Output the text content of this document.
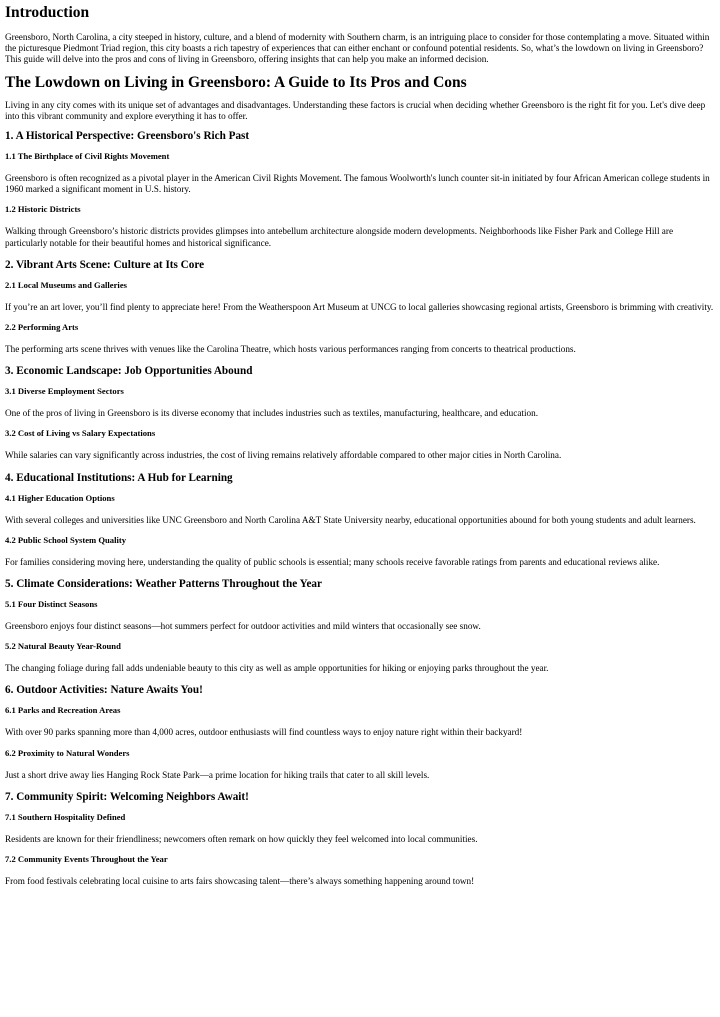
Introduction

Greensboro, North Carolina, a city steeped in history, culture, and a blend of modernity with Southern charm, is an intriguing place to consider for those contemplating a move. Situated within the picturesque Piedmont Triad region, this city boasts a rich tapestry of experiences that can either enchant or confound potential residents. So, what’s the lowdown on living in Greensboro? This guide will delve into the pros and cons of living in Greensboro, offering insights that can help you make an informed decision.

The Lowdown on Living in Greensboro: A Guide to Its Pros and Cons

Living in any city comes with its unique set of advantages and disadvantages. Understanding these factors is crucial when deciding whether Greensboro is the right fit for you. Let's dive deep into this vibrant community and explore everything it has to offer.

1. A Historical Perspective: Greensboro's Rich Past
1.1 The Birthplace of Civil Rights Movement

Greensboro is often recognized as a pivotal player in the American Civil Rights Movement. The famous Woolworth's lunch counter sit-in initiated by four African American college students in 1960 marked a significant moment in U.S. history.

1.2 Historic Districts

Walking through Greensboro’s historic districts provides glimpses into antebellum architecture alongside modern developments. Neighborhoods like Fisher Park and College Hill are particularly notable for their beautiful homes and historical significance.

2. Vibrant Arts Scene: Culture at Its Core
2.1 Local Museums and Galleries

If you’re an art lover, you’ll find plenty to appreciate here! From the Weatherspoon Art Museum at UNCG to local galleries showcasing regional artists, Greensboro is brimming with creativity.

2.2 Performing Arts

The performing arts scene thrives with venues like the Carolina Theatre, which hosts various performances ranging from concerts to theatrical productions.

3. Economic Landscape: Job Opportunities Abound
3.1 Diverse Employment Sectors

One of the pros of living in Greensboro is its diverse economy that includes industries such as textiles, manufacturing, healthcare, and education.

3.2 Cost of Living vs Salary Expectations

While salaries can vary significantly across industries, the cost of living remains relatively affordable compared to other major cities in North Carolina.

4. Educational Institutions: A Hub for Learning
4.1 Higher Education Options

With several colleges and universities like UNC Greensboro and North Carolina A&T State University nearby, educational opportunities abound for both young students and adult learners.

4.2 Public School System Quality

For families considering moving here, understanding the quality of public schools is essential; many schools receive favorable ratings from parents and educational reviews alike.

5. Climate Considerations: Weather Patterns Throughout the Year
5.1 Four Distinct Seasons

Greensboro enjoys four distinct seasons—hot summers perfect for outdoor activities and mild winters that occasionally see snow.

5.2 Natural Beauty Year-Round

The changing foliage during fall adds undeniable beauty to this city as well as ample opportunities for hiking or enjoying parks throughout the year.

6. Outdoor Activities: Nature Awaits You!
6.1 Parks and Recreation Areas

With over 90 parks spanning more than 4,000 acres, outdoor enthusiasts will find countless ways to enjoy nature right within their backyard!

6.2 Proximity to Natural Wonders

Just a short drive away lies Hanging Rock State Park—a prime location for hiking trails that cater to all skill levels.

7. Community Spirit: Welcoming Neighbors Await!
7.1 Southern Hospitality Defined

Residents are known for their friendliness; newcomers often remark on how quickly they feel welcomed into local communities.

7.2 Community Events Throughout the Year

From food festivals celebrating local cuisine to arts fairs showcasing talent—there’s always something happening around town!
